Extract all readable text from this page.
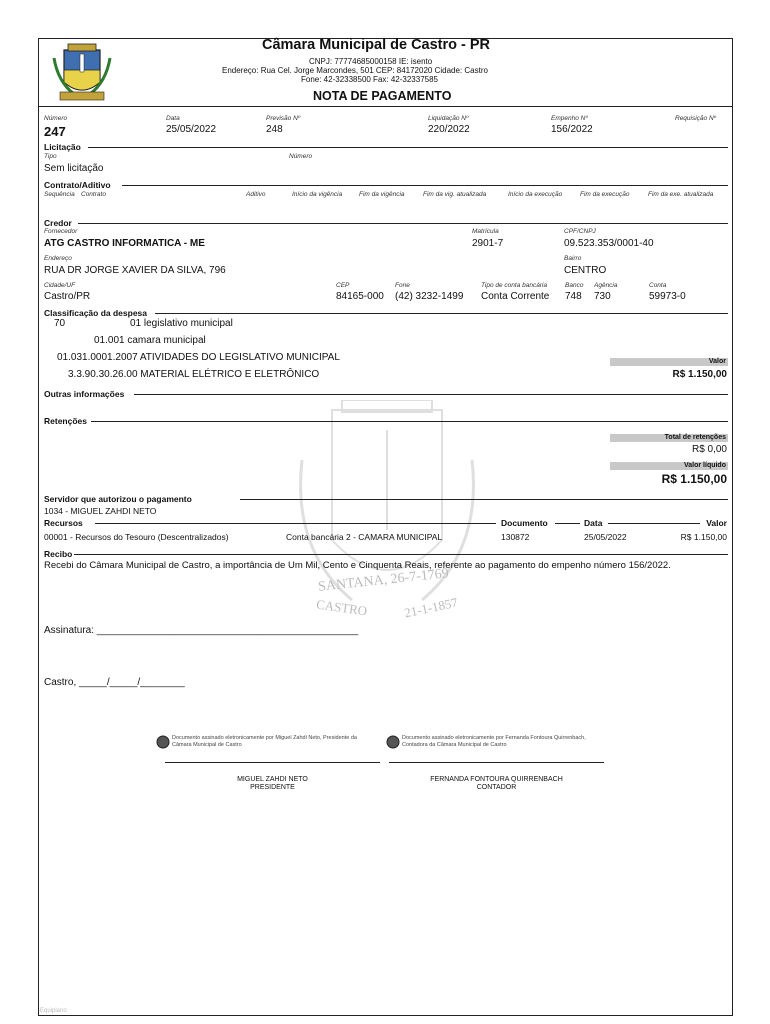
Câmara Municipal de Castro - PR
CNPJ: 77774685000158 IE: isento
Endereço: Rua Cel. Jorge Marcondes, 501 CEP: 84172020 Cidade: Castro
Fone: 42-32338500 Fax: 42-32337585
NOTA DE PAGAMENTO
Número
247
Data
25/05/2022
Previsão Nº
248
Liquidação Nº
220/2022
Empenho Nº
156/2022
Requisição Nº
Licitação
Tipo	Número
Sem licitação
Contrato/Aditivo
Sequência Contrato	Aditivo	Início da vigência	Fim da vigência	Fim da vig. atualizada	Início da execução	Fim da execução	Fim da exe. atualizada
Credor
Fornecedor
ATG CASTRO INFORMATICA - ME
Matrícula
2901-7
CPF/CNPJ
09.523.353/0001-40
Endereço
RUA DR JORGE XAVIER DA SILVA, 796
Bairro
CENTRO
Cidade/UF
Castro/PR
CEP
84165-000
Fone
(42) 3232-1499
Tipo de conta bancária
Conta Corrente
Banco
748
Agência
730
Conta
59973-0
Classificação da despesa
70	01 legislativo municipal
01.001 camara municipal
01.031.0001.2007 ATIVIDADES DO LEGISLATIVO MUNICIPAL
3.3.90.30.26.00 MATERIAL ELÉTRICO E ELETRÔNICO
Valor
R$ 1.150,00
Outras informações
Retenções
Total de retenções
R$ 0,00
Valor líquido
R$ 1.150,00
SANTANA, 26-7-1769
CASTRO	21-1-1857
Servidor que autorizou o pagamento
1034 - MIGUEL ZAHDI NETO
Recursos	Documento	Data	Valor
00001 - Recursos do Tesouro (Descentralizados)	Conta bancária 2 - CAMARA MUNICIPAL	130872	25/05/2022	R$ 1.150,00
Recibo
Recebi do Câmara Municipal de Castro, a importância de Um Mil, Cento e Cinquenta Reais, referente ao pagamento do empenho número 156/2022.
Assinatura: _______________________________________________
Castro, _____/_____/________
Documento assinado eletronicamente por Miguel Zahdi Neto, Presidente da Câmara Municipal de Castro
Documento assinado eletronicamente por Fernanda Fontoura Quirrenbach, Contadora da Câmara Municipal de Castro
MIGUEL ZAHDI NETO
PRESIDENTE
FERNANDA FONTOURA QUIRRENBACH
CONTADOR
Equiplano
